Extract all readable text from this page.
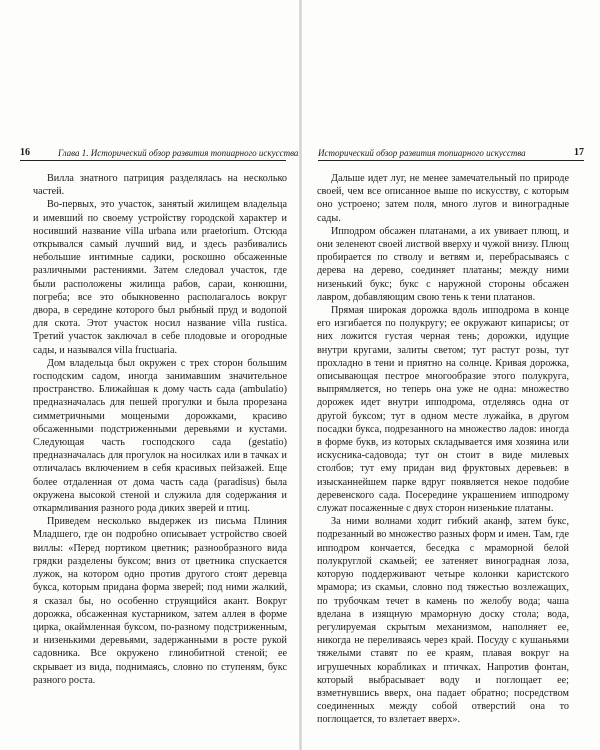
16	Глава 1. Исторический обзор развития топиарного искусства

Вилла знатного патриция разделялась на несколько частей.

Во-первых, это участок, занятый жилищем владельца и имевший по своему устройству городской характер и носивший название villa urbana или praetorium. Отсюда открывался самый лучший вид, и здесь разбивались небольшие интимные садики, роскошно обсаженные различными растениями. Затем следовал участок, где были расположены жилища рабов, сараи, конюшни, погреба; все это обыкновенно располагалось вокруг двора, в середине которого был рыбный пруд и водопой для скота. Этот участок носил название villa rustica. Третий участок заключал в себе плодовые и огородные сады, и назывался villa fructuaria.

Дом владельца был окружен с трех сторон большим господским садом, иногда занимавшим значительное пространство. Ближайшая к дому часть сада (ambulatio) предназначалась для пешей прогулки и была прорезана симметричными мощеными дорожками, красиво обсаженными подстриженными деревьями и кустами. Следующая часть господского сада (gestatio) предназначалась для прогулок на носилках или в тачках и отличалась включением в себя красивых пейзажей. Еще более отдаленная от дома часть сада (paradisus) была окружена высокой стеной и служила для содержания и откармливания разного рода диких зверей и птиц.

Приведем несколько выдержек из письма Плиния Младшего, где он подробно описывает устройство своей виллы: «Перед портиком цветник; разнообразного вида грядки разделены буксом; вниз от цветника спускается лужок, на котором одно против другого стоят деревца букса, которым придана форма зверей; под ними жалкий, я сказал бы, но особенно струящийся акант. Вокруг дорожка, обсаженная кустарником, затем аллея в форме цирка, окаймленная буксом, по-разному подстриженным, и низенькими деревьями, задержанными в росте рукой садовника. Все окружено глинобитной стеной; ее скрывает из вида, поднимаясь, словно по ступеням, букс разного роста.

Исторический обзор развития топиарного искусства	17

Дальше идет луг, не менее замечательный по природе своей, чем все описанное выше по искусству, с которым оно устроено; затем поля, много лугов и виноградные сады.

Ипподром обсажен платанами, а их увивает плющ, и они зеленеют своей листвой вверху и чужой внизу. Плющ пробирается по стволу и ветвям и, перебрасываясь с дерева на дерево, соединяет платаны; между ними низенький букс; букс с наружной стороны обсажен лавром, добавляющим свою тень к тени платанов.

Прямая широкая дорожка вдоль ипподрома в конце его изгибается по полукругу; ее окружают кипарисы; от них ложится густая черная тень; дорожки, идущие внутри кругами, залиты светом; тут растут розы, тут прохладно в тени и приятно на солнце. Кривая дорожка, описывающая пестрое многообразие этого полукруга, выпрямляется, но теперь она уже не одна: множество дорожек идет внутри ипподрома, отделяясь одна от другой буксом; тут в одном месте лужайка, в другом посадки букса, подрезанного на множество ладов: иногда в форме букв, из которых складывается имя хозяина или искусника-садовода; тут он стоит в виде милевых столбов; тут ему придан вид фруктовых деревьев: в изысканнейшем парке вдруг появляется некое подобие деревенского сада. Посередине украшением ипподрому служат посаженные с двух сторон низенькие платаны.

За ними волнами ходит гибкий аканф, затем букс, подрезанный во множество разных форм и имен. Там, где ипподром кончается, беседка с мраморной белой полукруглой скамьей; ее затеняет виноградная лоза, которую поддерживают четыре колонки каристского мрамора; из скамьи, словно под тяжестью возлежащих, по трубочкам течет в камень по желобу вода; чаша вделана в изящную мраморную доску стола; вода, регулируемая скрытым механизмом, наполняет ее, никогда не переливаясь через край. Посуду с кушаньями тяжелыми ставят по ее краям, плавая вокруг на игрушечных корабликах и птичках. Напротив фонтан, который выбрасывает воду и поглощает ее; взметнувшись вверх, она падает обратно; посредством соединенных между собой отверстий она то поглощается, то взлетает вверх».
